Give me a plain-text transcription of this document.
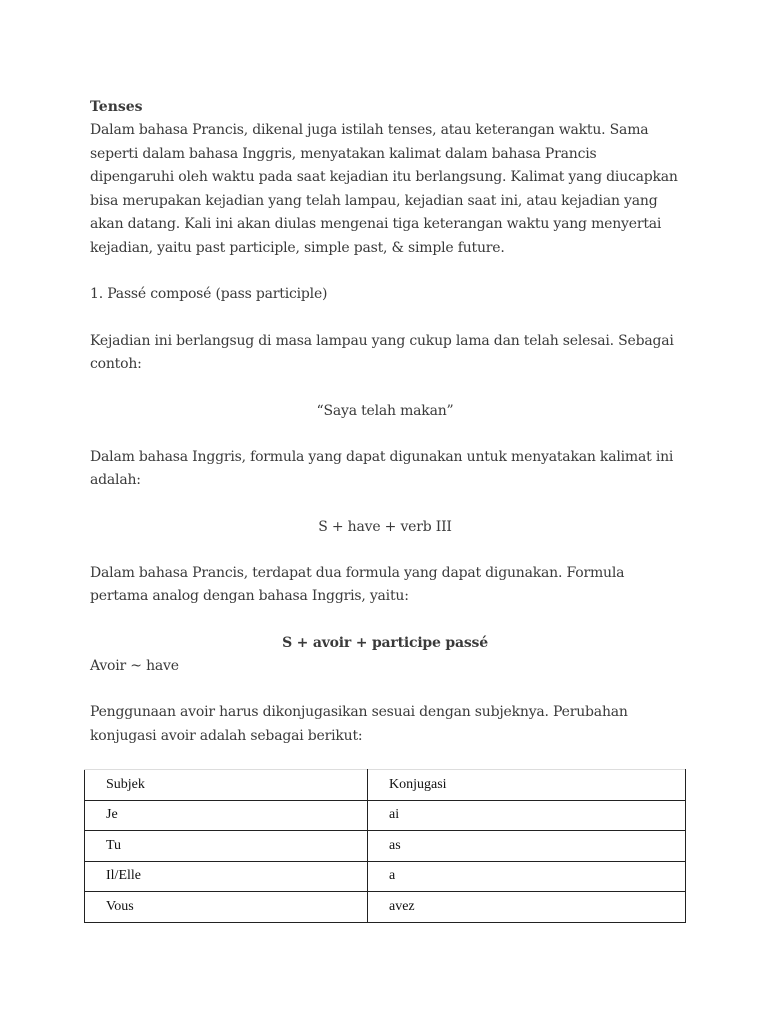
Tenses

Dalam bahasa Prancis, dikenal juga istilah tenses, atau keterangan waktu. Sama seperti dalam bahasa Inggris, menyatakan kalimat dalam bahasa Prancis dipengaruhi oleh waktu pada saat kejadian itu berlangsung. Kalimat yang diucapkan bisa merupakan kejadian yang telah lampau, kejadian saat ini, atau kejadian yang akan datang. Kali ini akan diulas mengenai tiga keterangan waktu yang menyertai kejadian, yaitu past participle, simple past, & simple future.

1. Passé composé (pass participle)

Kejadian ini berlangsug di masa lampau yang cukup lama dan telah selesai. Sebagai contoh:

“Saya telah makan”

Dalam bahasa Inggris, formula yang dapat digunakan untuk menyatakan kalimat ini adalah:

S + have + verb III

Dalam bahasa Prancis, terdapat dua formula yang dapat digunakan. Formula pertama analog dengan bahasa Inggris, yaitu:

S + avoir + participe passé

Avoir ~ have

Penggunaan avoir harus dikonjugasikan sesuai dengan subjeknya. Perubahan konjugasi avoir adalah sebagai berikut:

Subjek	Konjugasi
Je	ai
Tu	as
Il/Elle	a
Vous	avez
